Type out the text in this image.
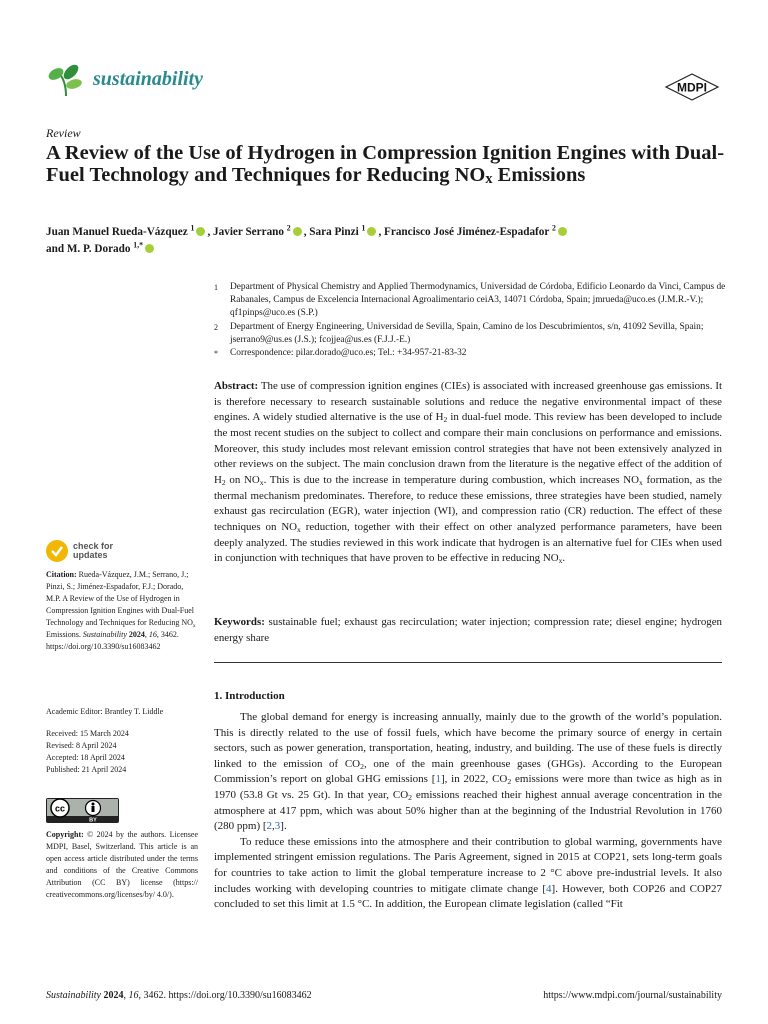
sustainability	MDPI
Review
A Review of the Use of Hydrogen in Compression Ignition Engines with Dual-Fuel Technology and Techniques for Reducing $NO_x$ Emissions
Juan Manuel Rueda-Vázquez $^1$ , Javier Serrano $^2$ , Sara Pinzi $^1$ , Francisco José Jiménez-Espadafor $^2$
and M. P. Dorado $^{1,*}$
1	Department of Physical Chemistry and Applied Thermodynamics, Universidad de Córdoba, Edificio Leonardo da Vinci, Campus de Rabanales, Campus de Excelencia Internacional Agroalimentario ceiA3, 14071 Córdoba, Spain; jmrueda@uco.es (J.M.R.-V.); qf1pinps@uco.es (S.P.)
2	Department of Energy Engineering, Universidad de Sevilla, Spain, Camino de los Descubrimientos, s/n, 41092 Sevilla, Spain; jserrano9@us.es (J.S.); fcojjea@us.es (F.J.J.-E.)
*	Correspondence: pilar.dorado@uco.es; Tel.: +34-957-21-83-32
Abstract: The use of compression ignition engines (CIEs) is associated with increased greenhouse gas emissions. It is therefore necessary to research sustainable solutions and reduce the negative environmental impact of these engines. A widely studied alternative is the use of $H_2$ in dual-fuel mode. This review has been developed to include the most recent studies on the subject to collect and compare their main conclusions on performance and emissions. Moreover, this study includes most relevant emission control strategies that have not been extensively analyzed in other reviews on the subject. The main conclusion drawn from the literature is the negative effect of the addition of $H_2$ on $NO_x$. This is due to the increase in temperature during combustion, which increases $NO_x$ formation, as the thermal mechanism predominates. Therefore, to reduce these emissions, three strategies have been studied, namely exhaust gas recirculation (EGR), water injection (WI), and compression ratio (CR) reduction. The effect of these techniques on $NO_x$ reduction, together with their effect on other analyzed performance parameters, have been deeply analyzed. The studies reviewed in this work indicate that hydrogen is an alternative fuel for CIEs when used in conjunction with techniques that have proven to be effective in reducing $NO_x$.
Keywords: sustainable fuel; exhaust gas recirculation; water injection; compression rate; diesel engine; hydrogen energy share
1. Introduction

The global demand for energy is increasing annually, mainly due to the growth of the world’s population. This is directly related to the use of fossil fuels, which have become the primary source of energy in certain sectors, such as power generation, transportation, heating, industry, and building. The use of these fuels is directly linked to the emission of $CO_2$, one of the main greenhouse gases (GHGs). According to the European Commission’s report on global GHG emissions [1], in 2022, $CO_2$ emissions were more than twice as high as in 1970 (53.8 Gt vs. 25 Gt). In that year, $CO_2$ emissions reached their highest annual average concentration in the atmosphere at 417 ppm, which was about 50% higher than at the beginning of the Industrial Revolution in 1760 (280 ppm) [2,3].

To reduce these emissions into the atmosphere and their contribution to global warming, governments have implemented stringent emission regulations. The Paris Agreement, signed in 2015 at COP21, sets long-term goals for countries to take action to limit the global temperature increase to 2 °C above pre-industrial levels. It also includes working with developing countries to mitigate climate change [4]. However, both COP26 and COP27 concluded to set this limit at 1.5 °C. In addition, the European climate legislation (called “Fit

check for
updates
Citation: Rueda-Vázquez, J.M.; Serrano, J.; Pinzi, S.; Jiménez-Espadafor, F.J.; Dorado, M.P. A Review of the Use of Hydrogen in Compression Ignition Engines with Dual-Fuel Technology and Techniques for Reducing $NO_x$ Emissions. Sustainability 2024, 16, 3462. https://doi.org/10.3390/su16083462
Academic Editor: Brantley T. Liddle
Received: 15 March 2024
Revised: 8 April 2024
Accepted: 18 April 2024
Published: 21 April 2024
cc
BY
Copyright: © 2024 by the authors. Licensee MDPI, Basel, Switzerland. This article is an open access article distributed under the terms and conditions of the Creative Commons Attribution (CC BY) license (https:// creativecommons.org/licenses/by/ 4.0/).
Sustainability 2024, 16, 3462. https://doi.org/10.3390/su16083462	https://www.mdpi.com/journal/sustainability
